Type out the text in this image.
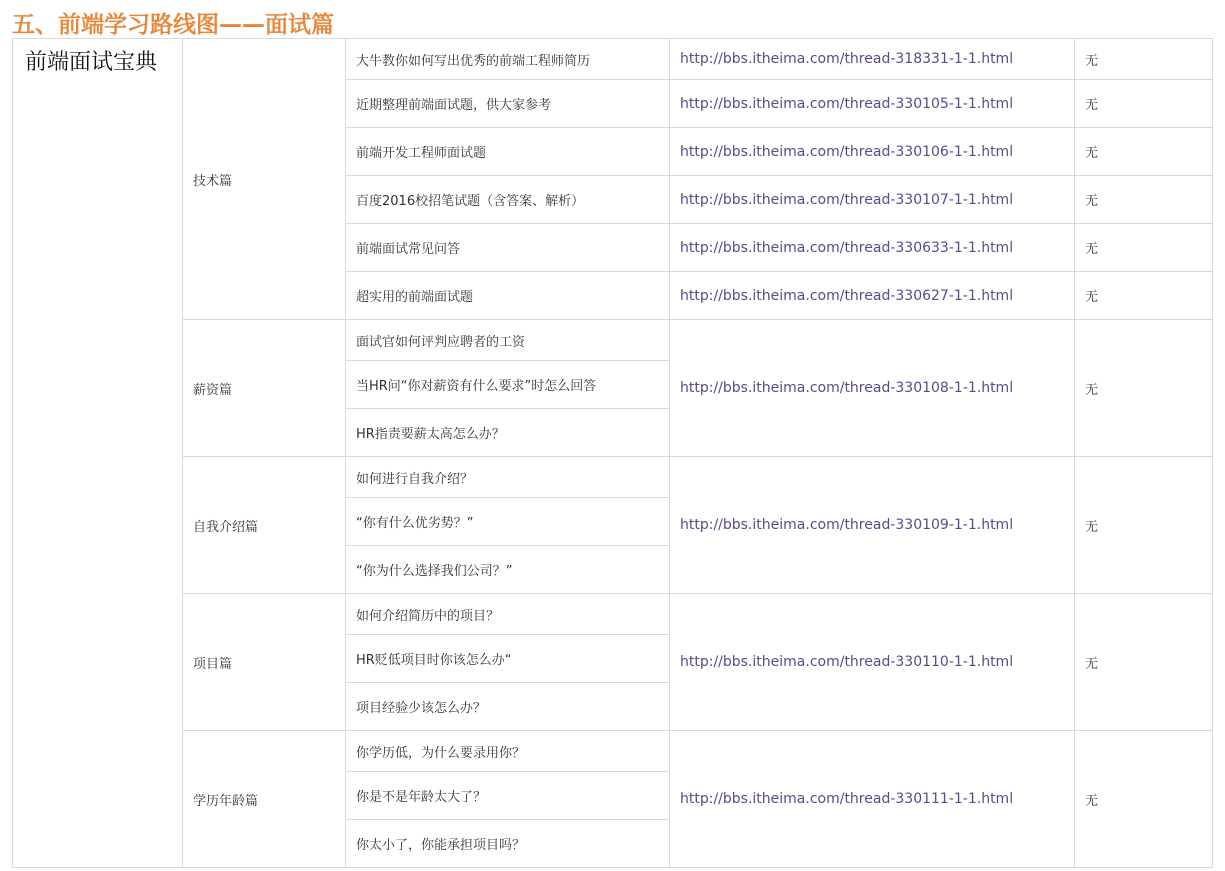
五、前端学习路线图——面试篇
前端面试宝典	技术篇	大牛教你如何写出优秀的前端工程师简历	http://bbs.itheima.com/thread-318331-1-1.html	无
		近期整理前端面试题，供大家参考	http://bbs.itheima.com/thread-330105-1-1.html	无
		前端开发工程师面试题	http://bbs.itheima.com/thread-330106-1-1.html	无
		百度2016校招笔试题（含答案、解析）	http://bbs.itheima.com/thread-330107-1-1.html	无
		前端面试常见问答	http://bbs.itheima.com/thread-330633-1-1.html	无
		超实用的前端面试题	http://bbs.itheima.com/thread-330627-1-1.html	无
	薪资篇	面试官如何评判应聘者的工资	http://bbs.itheima.com/thread-330108-1-1.html	无
		当HR问“你对薪资有什么要求”时怎么回答		
		HR指责要薪太高怎么办？		
	自我介绍篇	如何进行自我介绍？	http://bbs.itheima.com/thread-330109-1-1.html	无
		“你有什么优劣势？”		
		“你为什么选择我们公司？”		
	项目篇	如何介绍简历中的项目？	http://bbs.itheima.com/thread-330110-1-1.html	无
		HR贬低项目时你该怎么办“		
		项目经验少该怎么办？		
	学历年龄篇	你学历低，为什么要录用你？	http://bbs.itheima.com/thread-330111-1-1.html	无
		你是不是年龄太大了？		
		你太小了，你能承担项目吗？		
